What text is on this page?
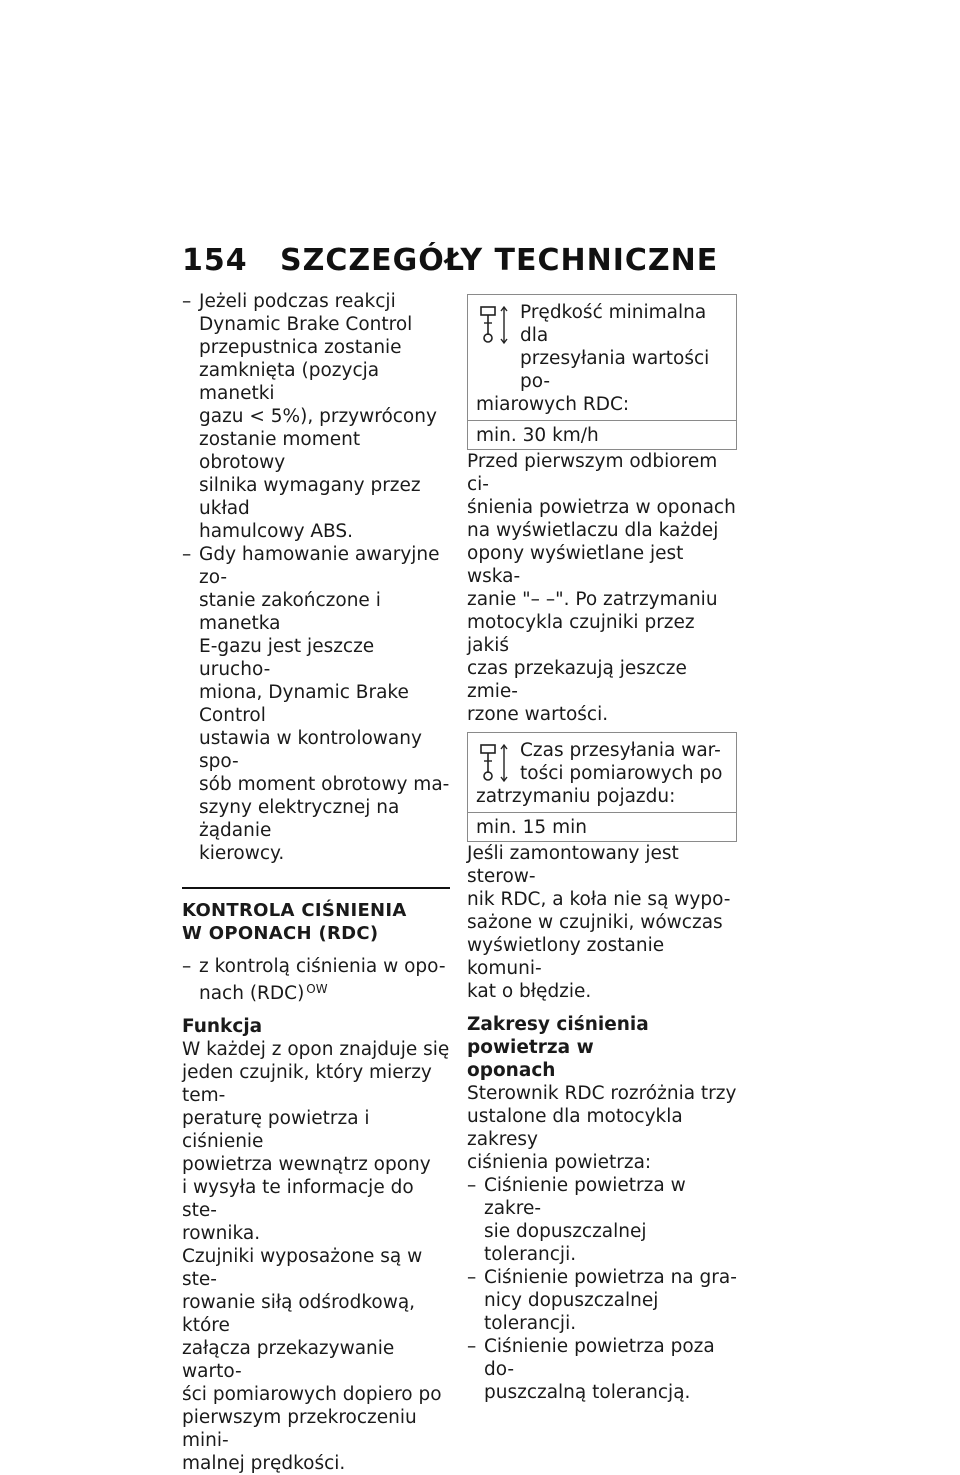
154 SZCZEGÓŁY TECHNICZNE
– Jeżeli podczas reakcji
Dynamic Brake Control
przepustnica zostanie
zamknięta (pozycja manetki
gazu < 5%), przywrócony
zostanie moment obrotowy
silnika wymagany przez układ
hamulcowy ABS.
– Gdy hamowanie awaryjne zo-
stanie zakończone i manetka
E-gazu jest jeszcze urucho-
miona, Dynamic Brake Control
ustawia w kontrolowany spo-
sób moment obrotowy ma-
szyny elektrycznej na żądanie
kierowcy.
KONTROLA CIŚNIENIA
W OPONACH (RDC)
– z kontrolą ciśnienia w opo-
nach (RDC) $^{OW}$
Funkcja
W każdej z opon znajduje się
jeden czujnik, który mierzy tem-
peraturę powietrza i ciśnienie
powietrza wewnątrz opony
i wysyła te informacje do ste-
rownika.
Czujniki wyposażone są w ste-
rowanie siłą odśrodkową, które
załącza przekazywanie warto-
ści pomiarowych dopiero po
pierwszym przekroczeniu mini-
malnej prędkości.
Prędkość minimalna dla
przesyłania wartości po-
miarowych RDC:
min. 30 km/h
Przed pierwszym odbiorem ci-
śnienia powietrza w oponach
na wyświetlaczu dla każdej
opony wyświetlane jest wska-
zanie "– –". Po zatrzymaniu
motocykla czujniki przez jakiś
czas przekazują jeszcze zmie-
rzone wartości.
Czas przesyłania war-
tości pomiarowych po
zatrzymaniu pojazdu:
min. 15 min
Jeśli zamontowany jest sterow-
nik RDC, a koła nie są wypo-
sażone w czujniki, wówczas
wyświetlony zostanie komuni-
kat o błędzie.
Zakresy ciśnienia powietrza w
oponach
Sterownik RDC rozróżnia trzy
ustalone dla motocykla zakresy
ciśnienia powietrza:
– Ciśnienie powietrza w zakre-
sie dopuszczalnej tolerancji.
– Ciśnienie powietrza na gra-
nicy dopuszczalnej tolerancji.
– Ciśnienie powietrza poza do-
puszczalną tolerancją.
